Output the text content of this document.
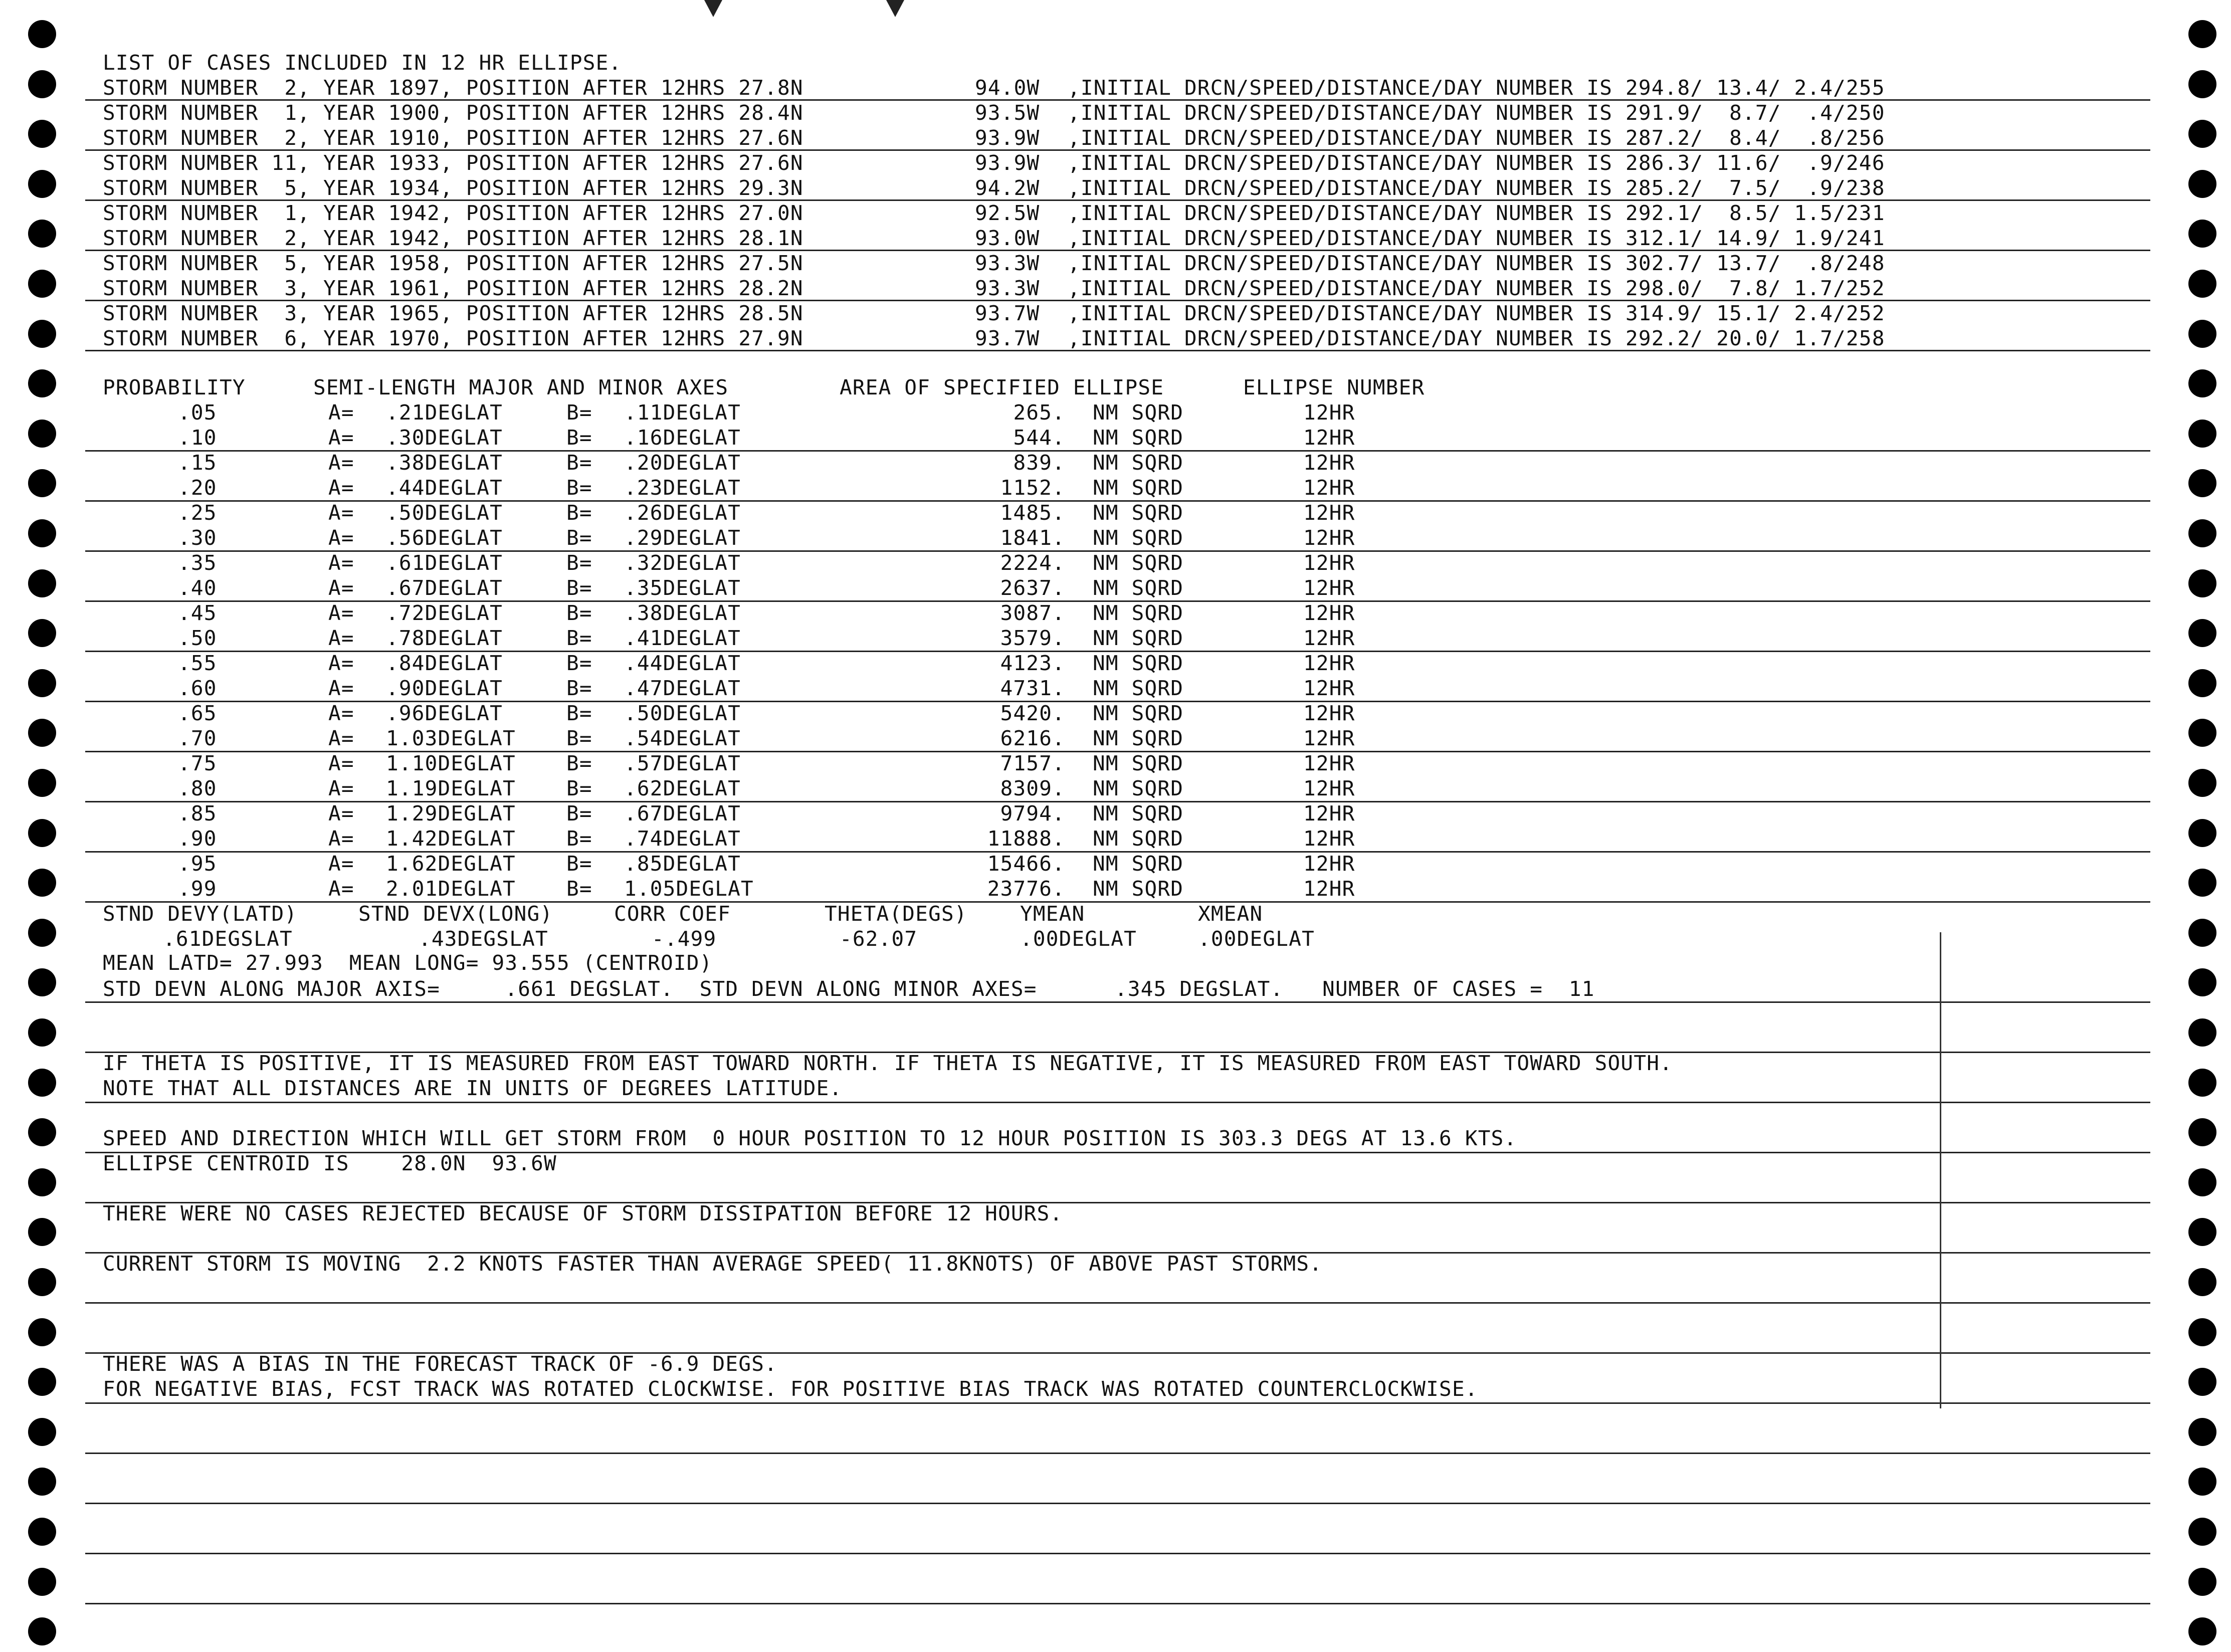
LIST OF CASES INCLUDED IN 12 HR ELLIPSE.
STORM NUMBER  2, YEAR 1897, POSITION AFTER 12HRS 27.8N	94.0W ,INITIAL DRCN/SPEED/DISTANCE/DAY NUMBER IS 294.8/ 13.4/ 2.4/255
STORM NUMBER  1, YEAR 1900, POSITION AFTER 12HRS 28.4N	93.5W ,INITIAL DRCN/SPEED/DISTANCE/DAY NUMBER IS 291.9/  8.7/  .4/250
STORM NUMBER  2, YEAR 1910, POSITION AFTER 12HRS 27.6N	93.9W ,INITIAL DRCN/SPEED/DISTANCE/DAY NUMBER IS 287.2/  8.4/  .8/256
STORM NUMBER 11, YEAR 1933, POSITION AFTER 12HRS 27.6N	93.9W ,INITIAL DRCN/SPEED/DISTANCE/DAY NUMBER IS 286.3/ 11.6/  .9/246
STORM NUMBER  5, YEAR 1934, POSITION AFTER 12HRS 29.3N	94.2W ,INITIAL DRCN/SPEED/DISTANCE/DAY NUMBER IS 285.2/  7.5/  .9/238
STORM NUMBER  1, YEAR 1942, POSITION AFTER 12HRS 27.0N	92.5W ,INITIAL DRCN/SPEED/DISTANCE/DAY NUMBER IS 292.1/  8.5/ 1.5/231
STORM NUMBER  2, YEAR 1942, POSITION AFTER 12HRS 28.1N	93.0W ,INITIAL DRCN/SPEED/DISTANCE/DAY NUMBER IS 312.1/ 14.9/ 1.9/241
STORM NUMBER  5, YEAR 1958, POSITION AFTER 12HRS 27.5N	93.3W ,INITIAL DRCN/SPEED/DISTANCE/DAY NUMBER IS 302.7/ 13.7/  .8/248
STORM NUMBER  3, YEAR 1961, POSITION AFTER 12HRS 28.2N	93.3W ,INITIAL DRCN/SPEED/DISTANCE/DAY NUMBER IS 298.0/  7.8/ 1.7/252
STORM NUMBER  3, YEAR 1965, POSITION AFTER 12HRS 28.5N	93.7W ,INITIAL DRCN/SPEED/DISTANCE/DAY NUMBER IS 314.9/ 15.1/ 2.4/252
STORM NUMBER  6, YEAR 1970, POSITION AFTER 12HRS 27.9N	93.7W ,INITIAL DRCN/SPEED/DISTANCE/DAY NUMBER IS 292.2/ 20.0/ 1.7/258
PROBABILITY	SEMI-LENGTH MAJOR AND MINOR AXES	AREA OF SPECIFIED ELLIPSE	ELLIPSE NUMBER
.05	A= .21DEGLAT	B= .11DEGLAT	265. NM SQRD	12HR
.10	A= .30DEGLAT	B= .16DEGLAT	544. NM SQRD	12HR
.15	A= .38DEGLAT	B= .20DEGLAT	839. NM SQRD	12HR
.20	A= .44DEGLAT	B= .23DEGLAT	1152. NM SQRD	12HR
.25	A= .50DEGLAT	B= .26DEGLAT	1485. NM SQRD	12HR
.30	A= .56DEGLAT	B= .29DEGLAT	1841. NM SQRD	12HR
.35	A= .61DEGLAT	B= .32DEGLAT	2224. NM SQRD	12HR
.40	A= .67DEGLAT	B= .35DEGLAT	2637. NM SQRD	12HR
.45	A= .72DEGLAT	B= .38DEGLAT	3087. NM SQRD	12HR
.50	A= .78DEGLAT	B= .41DEGLAT	3579. NM SQRD	12HR
.55	A= .84DEGLAT	B= .44DEGLAT	4123. NM SQRD	12HR
.60	A= .90DEGLAT	B= .47DEGLAT	4731. NM SQRD	12HR
.65	A= .96DEGLAT	B= .50DEGLAT	5420. NM SQRD	12HR
.70	A= 1.03DEGLAT B= .54DEGLAT	6216. NM SQRD	12HR
.75	A= 1.10DEGLAT B= .57DEGLAT	7157. NM SQRD	12HR
.80	A= 1.19DEGLAT B= .62DEGLAT	8309. NM SQRD	12HR
.85	A= 1.29DEGLAT B= .67DEGLAT	9794. NM SQRD	12HR
.90	A= 1.42DEGLAT B= .74DEGLAT	11888. NM SQRD	12HR
.95	A= 1.62DEGLAT B= .85DEGLAT	15466. NM SQRD	12HR
.99	A= 2.01DEGLAT B= 1.05DEGLAT	23776. NM SQRD	12HR
STND DEVY(LATD)	STND DEVX(LONG)	CORR COEF	THETA(DEGS)	YMEAN	XMEAN
.61DEGSLAT	.43DEGSLAT	-.499	-62.07	.00DEGLAT	.00DEGLAT
MEAN LATD= 27.993  MEAN LONG= 93.555 (CENTROID)
STD DEVN ALONG MAJOR AXIS=     .661 DEGSLAT.  STD DEVN ALONG MINOR AXES=      .345 DEGSLAT.   NUMBER OF CASES =  11
IF THETA IS POSITIVE, IT IS MEASURED FROM EAST TOWARD NORTH. IF THETA IS NEGATIVE, IT IS MEASURED FROM EAST TOWARD SOUTH.
NOTE THAT ALL DISTANCES ARE IN UNITS OF DEGREES LATITUDE.
SPEED AND DIRECTION WHICH WILL GET STORM FROM  0 HOUR POSITION TO 12 HOUR POSITION IS 303.3 DEGS AT 13.6 KTS.
ELLIPSE CENTROID IS    28.0N  93.6W
THERE WERE NO CASES REJECTED BECAUSE OF STORM DISSIPATION BEFORE 12 HOURS.
CURRENT STORM IS MOVING  2.2 KNOTS FASTER THAN AVERAGE SPEED( 11.8KNOTS) OF ABOVE PAST STORMS.
THERE WAS A BIAS IN THE FORECAST TRACK OF -6.9 DEGS.
FOR NEGATIVE BIAS, FCST TRACK WAS ROTATED CLOCKWISE. FOR POSITIVE BIAS TRACK WAS ROTATED COUNTERCLOCKWISE.
